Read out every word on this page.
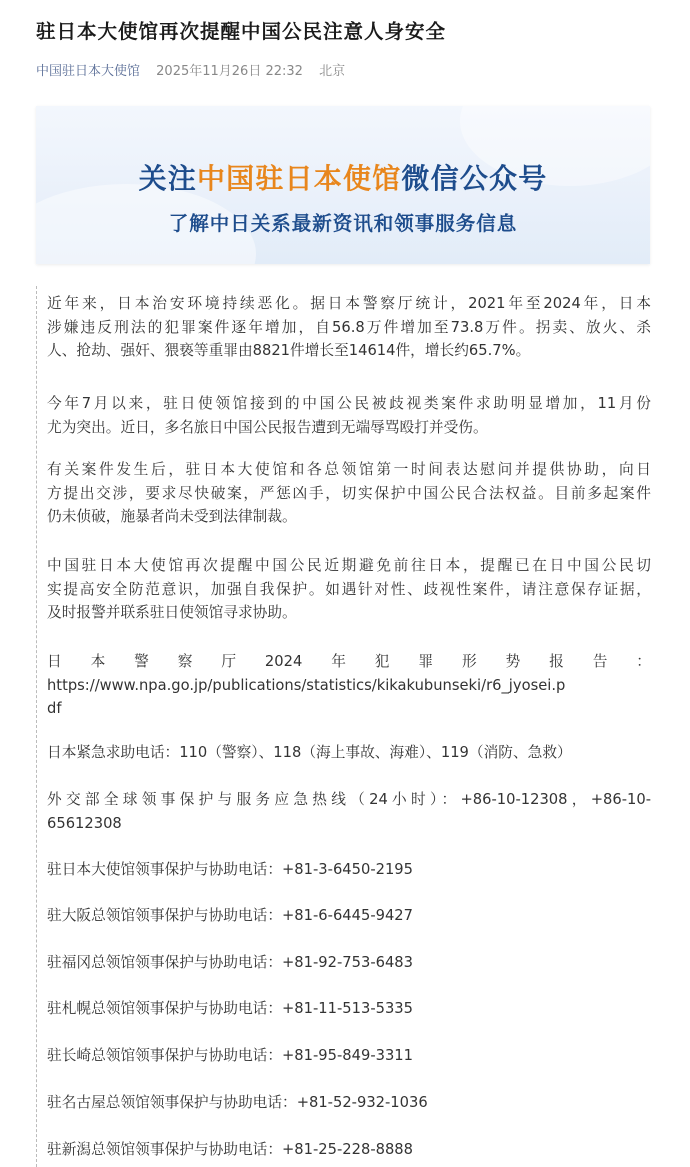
驻日本大使馆再次提醒中国公民注意人身安全
中国驻日本大使馆 2025年11月26日 22:32 北京
关注中国驻日本使馆微信公众号
了解中日关系最新资讯和领事服务信息
近年来，日本治安环境持续恶化。据日本警察厅统计，2021年至2024年，日本
涉嫌违反刑法的犯罪案件逐年增加，自56.8万件增加至73.8万件。拐卖、放火、杀
人、抢劫、强奸、猥亵等重罪由8821件增长至14614件，增长约65.7%。
今年7月以来，驻日使领馆接到的中国公民被歧视类案件求助明显增加，11月份
尤为突出。近日，多名旅日中国公民报告遭到无端辱骂殴打并受伤。
有关案件发生后，驻日本大使馆和各总领馆第一时间表达慰问并提供协助，向日
方提出交涉，要求尽快破案，严惩凶手，切实保护中国公民合法权益。目前多起案件
仍未侦破，施暴者尚未受到法律制裁。
中国驻日本大使馆再次提醒中国公民近期避免前往日本，提醒已在日中国公民切
实提高安全防范意识，加强自我保护。如遇针对性、歧视性案件，请注意保存证据，
及时报警并联系驻日使领馆寻求协助。
日　本　警　察　厅　2024　年　犯　罪　形　势　报　告　：
https://www.npa.go.jp/publications/statistics/kikakubunseki/r6_jyosei.p
df
日本紧急求助电话：110（警察）、118（海上事故、海难）、119（消防、急救）
外交部全球领事保护与服务应急热线（24小时）：+86-10-12308，+86-10-
65612308
驻日本大使馆领事保护与协助电话：+81-3-6450-2195
驻大阪总领馆领事保护与协助电话：+81-6-6445-9427
驻福冈总领馆领事保护与协助电话：+81-92-753-6483
驻札幌总领馆领事保护与协助电话：+81-11-513-5335
驻长崎总领馆领事保护与协助电话：+81-95-849-3311
驻名古屋总领馆领事保护与协助电话：+81-52-932-1036
驻新潟总领馆领事保护与协助电话：+81-25-228-8888
